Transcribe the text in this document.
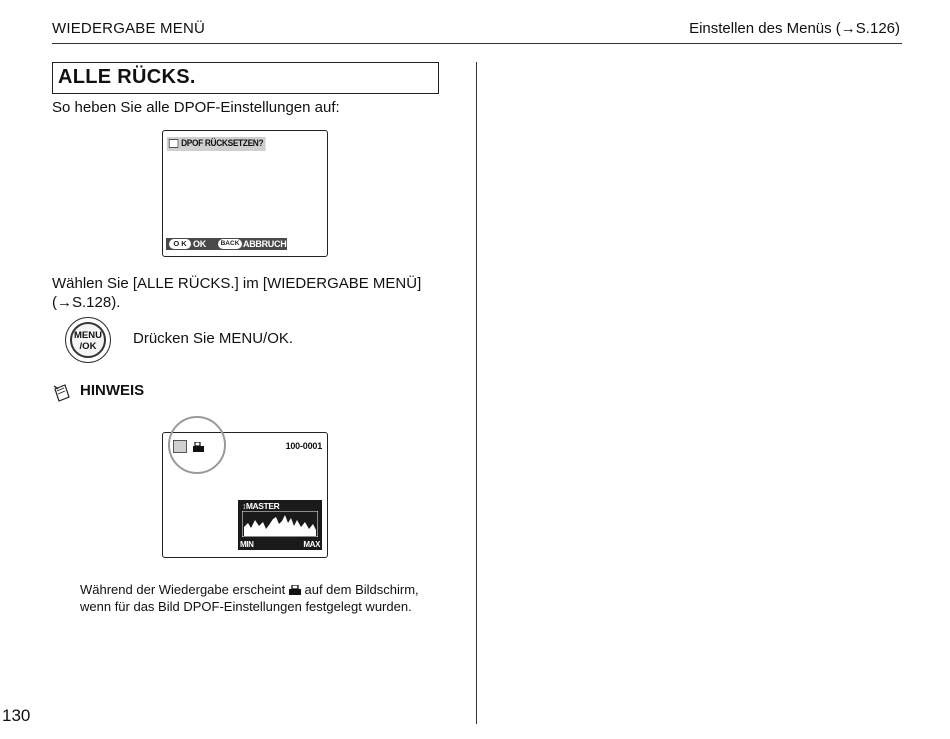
WIEDERGABE MENÜ	Einstellen des Menüs (→S.126)
ALLE RÜCKS.
So heben Sie alle DPOF-Einstellungen auf:
DPOF RÜCKSETZEN?
O K OK	BACK ABBRUCH
Wählen Sie [ALLE RÜCKS.] im [WIEDERGABE MENÜ] (→S.128).
MENU
/OK	Drücken Sie MENU/OK.
HINWEIS
100-0001
↕MASTER
MIN	MAX
Während der Wiedergabe erscheint auf dem Bildschirm, wenn für das Bild DPOF-Einstellungen festgelegt wurden.
130
